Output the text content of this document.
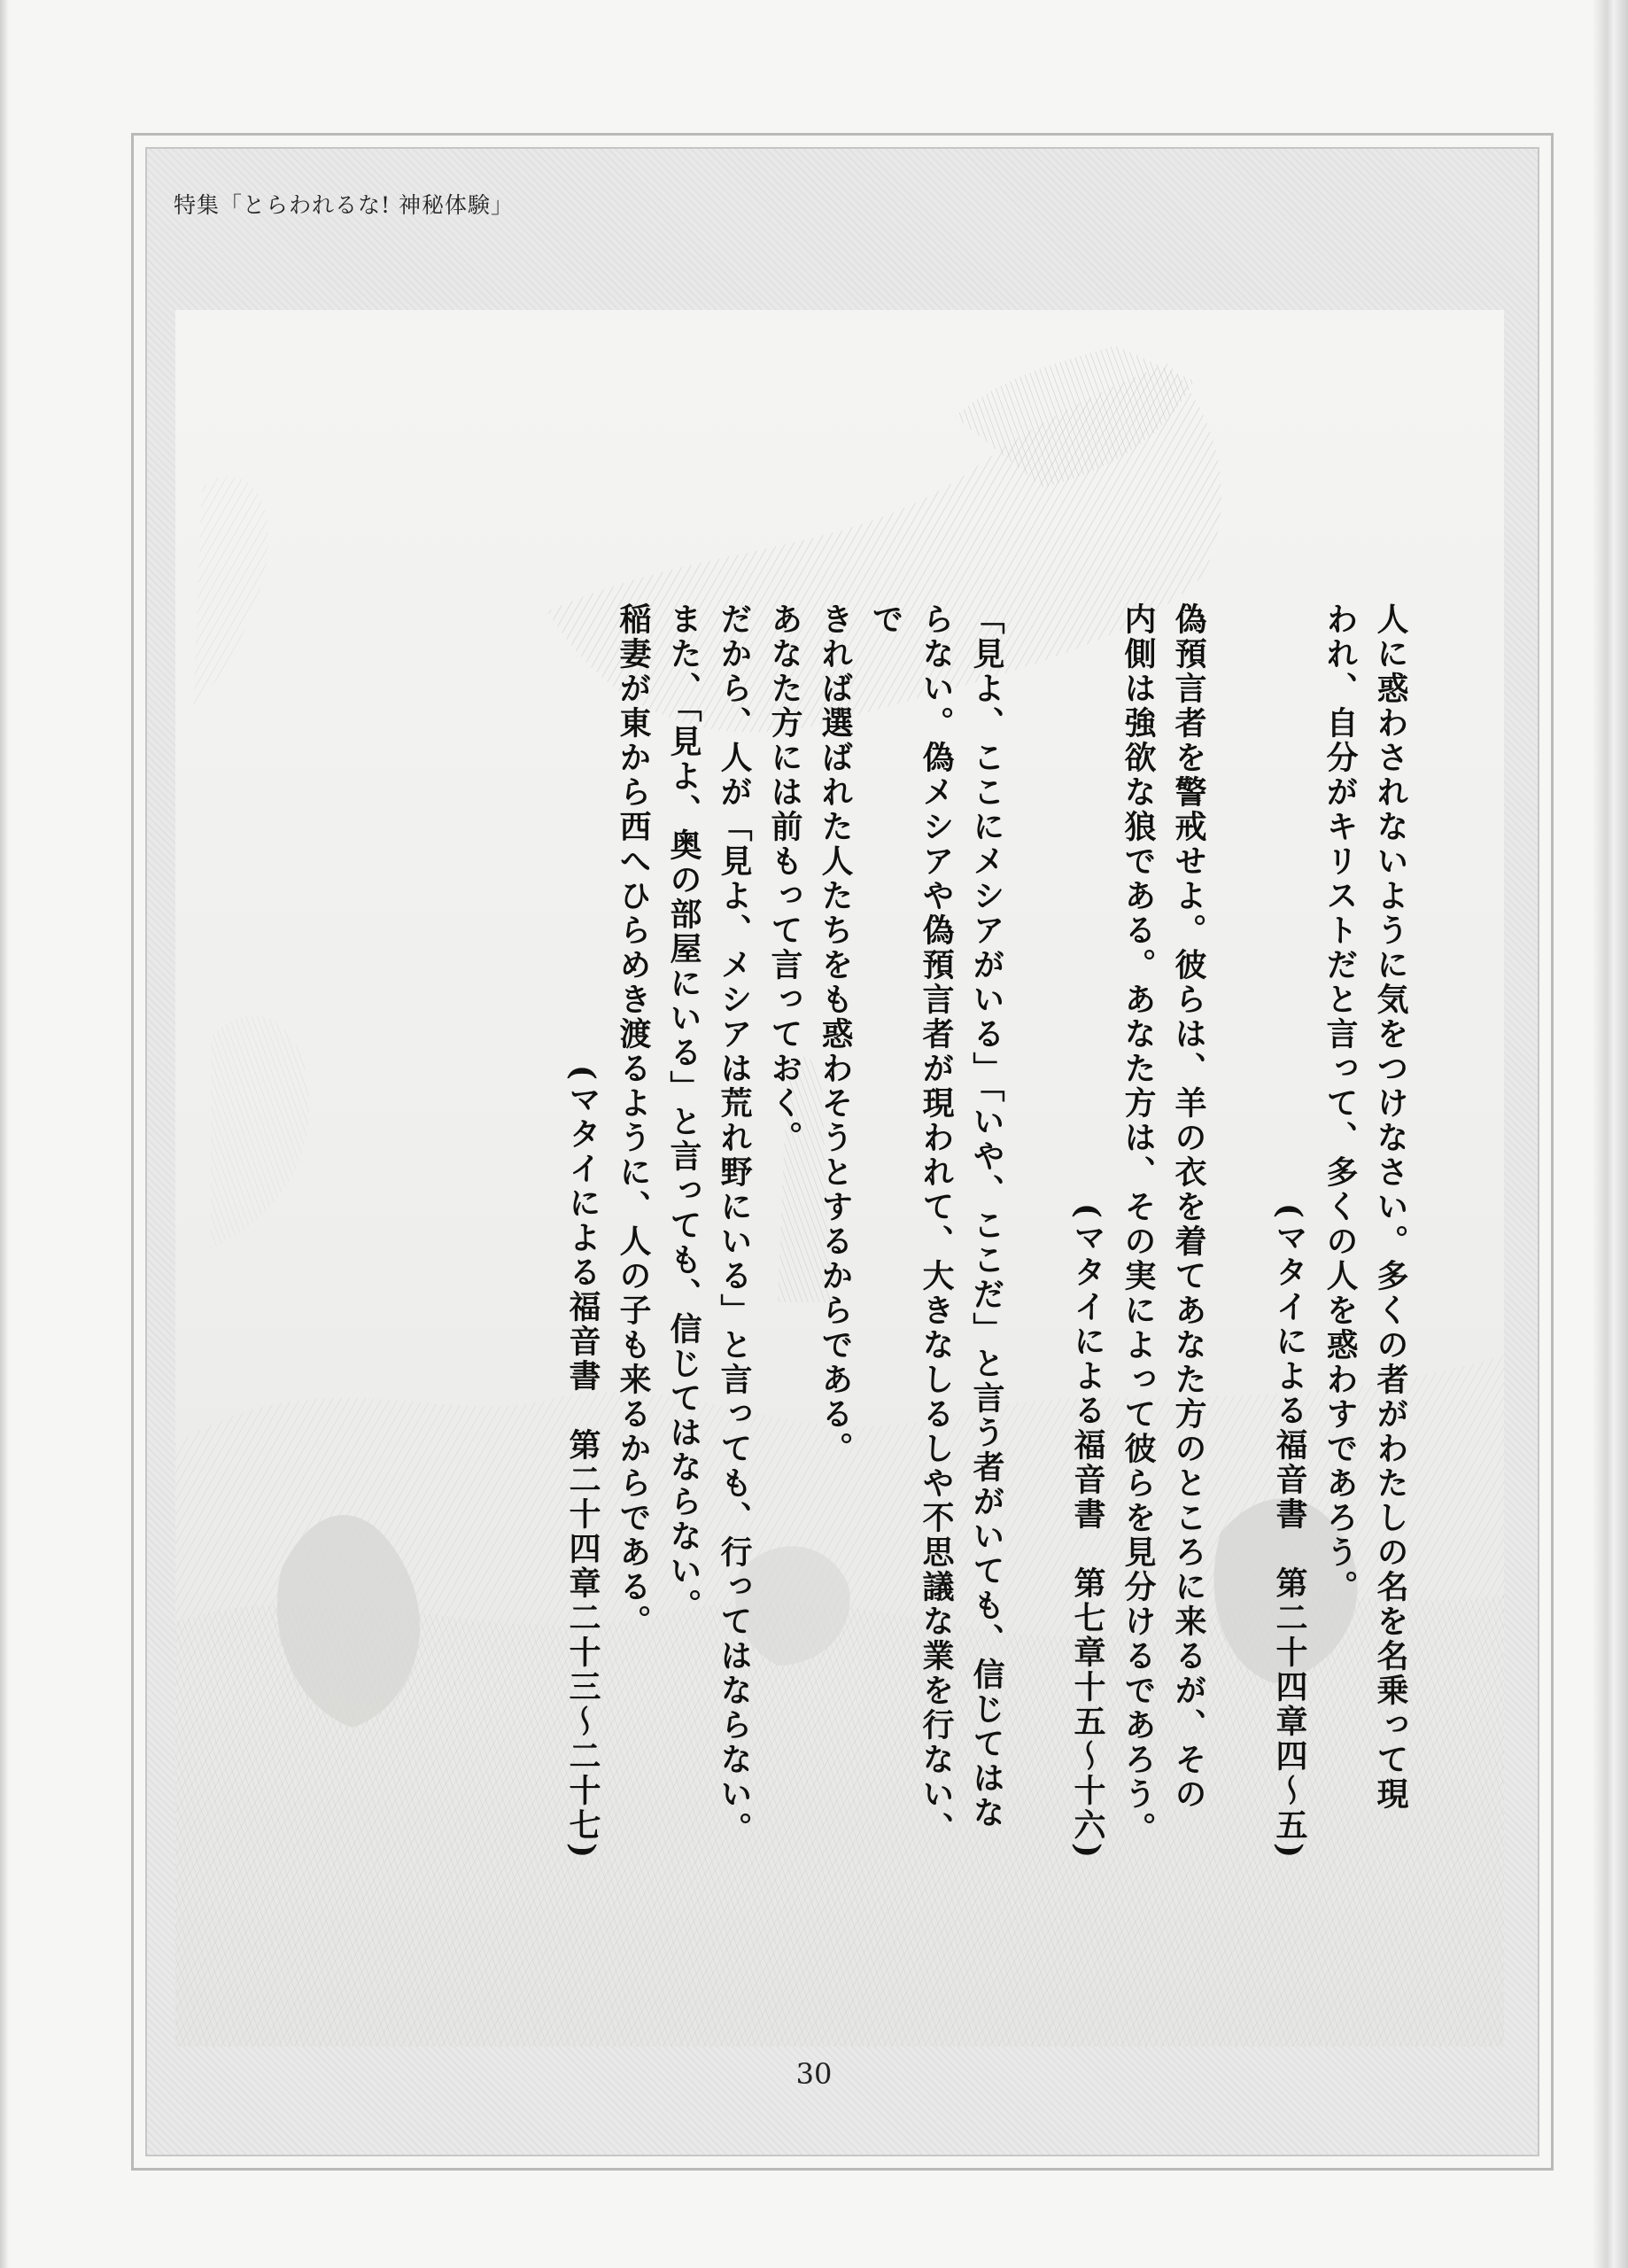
特集「とらわれるな! 神秘体験」

人に惑わされないように気をつけなさい。多くの者がわたしの名を名乗って現

われ、自分がキリストだと言って、多くの人を惑わすであろう。

(マタイによる福音書　第二十四章四〜五)

偽預言者を警戒せよ。彼らは、羊の衣を着てあなた方のところに来るが、その

内側は強欲な狼である。あなた方は、その実によって彼らを見分けるであろう。

(マタイによる福音書　第七章十五〜十六)

「見よ、ここにメシアがいる」「いや、ここだ」と言う者がいても、信じてはな

らない。偽メシアや偽預言者が現われて、大きなしるしや不思議な業を行ない、で

きれば選ばれた人たちをも惑わそうとするからである。

あなた方には前もって言っておく。

だから、人が「見よ、メシアは荒れ野にいる」と言っても、行ってはならない。

また、「見よ、奥の部屋にいる」と言っても、信じてはならない。

稲妻が東から西へひらめき渡るように、人の子も来るからである。

(マタイによる福音書　第二十四章二十三〜二十七)

30
